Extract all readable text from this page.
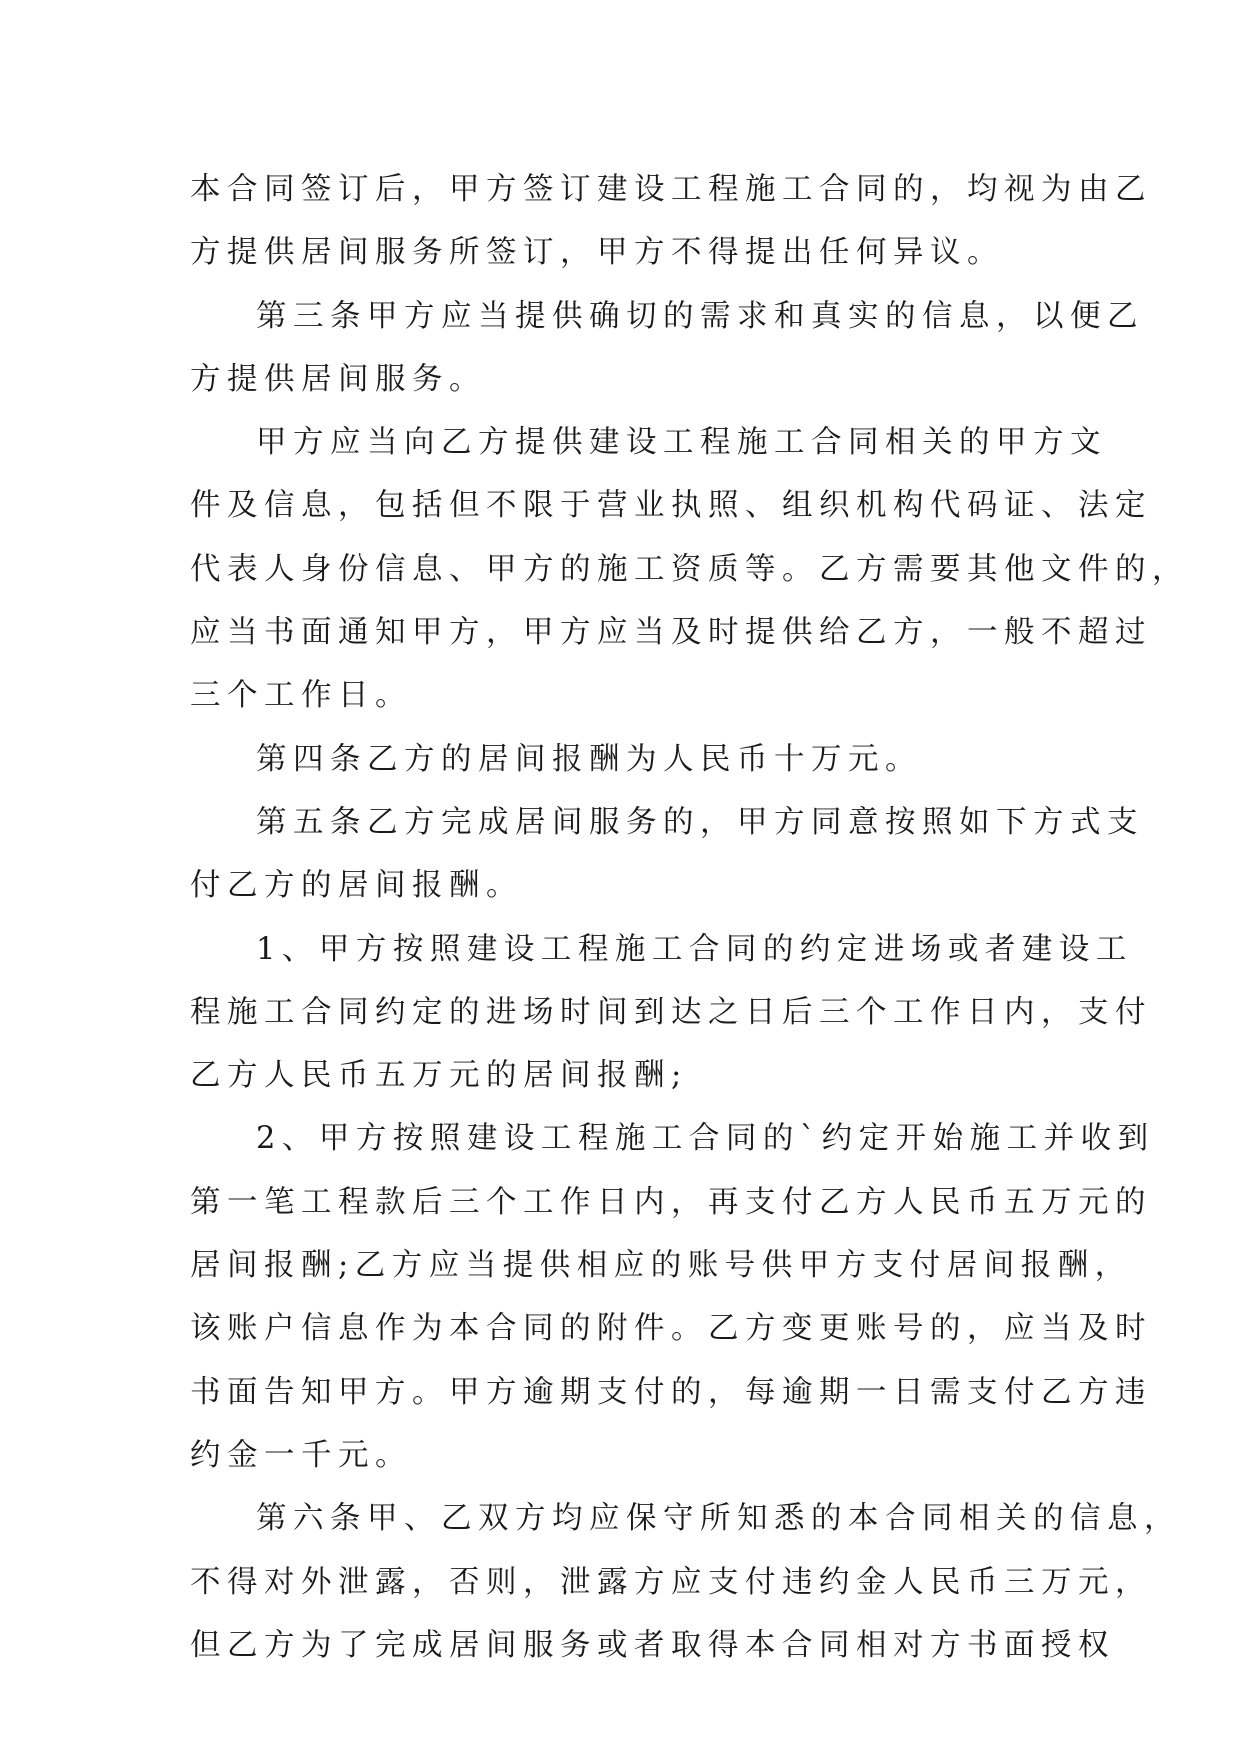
本合同签订后，甲方签订建设工程施工合同的，均视为由乙
方提供居间服务所签订，甲方不得提出任何异议。
第三条甲方应当提供确切的需求和真实的信息，以便乙
方提供居间服务。
甲方应当向乙方提供建设工程施工合同相关的甲方文
件及信息，包括但不限于营业执照、组织机构代码证、法定
代表人身份信息、甲方的施工资质等。乙方需要其他文件的，
应当书面通知甲方，甲方应当及时提供给乙方，一般不超过
三个工作日。
第四条乙方的居间报酬为人民币十万元。
第五条乙方完成居间服务的，甲方同意按照如下方式支
付乙方的居间报酬。
1、甲方按照建设工程施工合同的约定进场或者建设工
程施工合同约定的进场时间到达之日后三个工作日内，支付
乙方人民币五万元的居间报酬;
2、甲方按照建设工程施工合同的`约定开始施工并收到
第一笔工程款后三个工作日内，再支付乙方人民币五万元的
居间报酬;乙方应当提供相应的账号供甲方支付居间报酬，
该账户信息作为本合同的附件。乙方变更账号的，应当及时
书面告知甲方。甲方逾期支付的，每逾期一日需支付乙方违
约金一千元。
第六条甲、乙双方均应保守所知悉的本合同相关的信息，
不得对外泄露，否则，泄露方应支付违约金人民币三万元，
但乙方为了完成居间服务或者取得本合同相对方书面授权
